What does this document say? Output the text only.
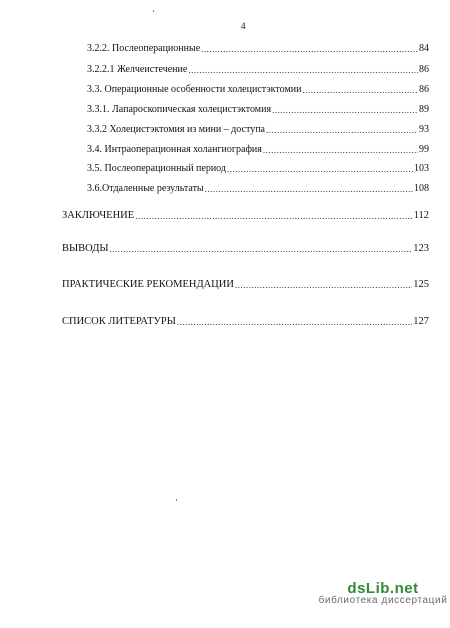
4
3.2.2. Послеоперационные .....	84
3.2.2.1 Желчеистечение .....	86
3.3. Операционные особенности холецистэктомии .....	86
3.3.1. Лапароскопическая холецистэктомия .....	89
3.3.2 Холецистэктомия из мини – доступа .....	93
3.4. Интраоперационная холангиография .....	99
3.5. Послеоперационный период .....	103
3.6.Отдаленные результаты .....	108
ЗАКЛЮЧЕНИЕ .....	112
ВЫВОДЫ .....	123
ПРАКТИЧЕСКИЕ РЕКОМЕНДАЦИИ .....	125
СПИСОК ЛИТЕРАТУРЫ .....	127
dsLib.net
библиотека диссертаций
